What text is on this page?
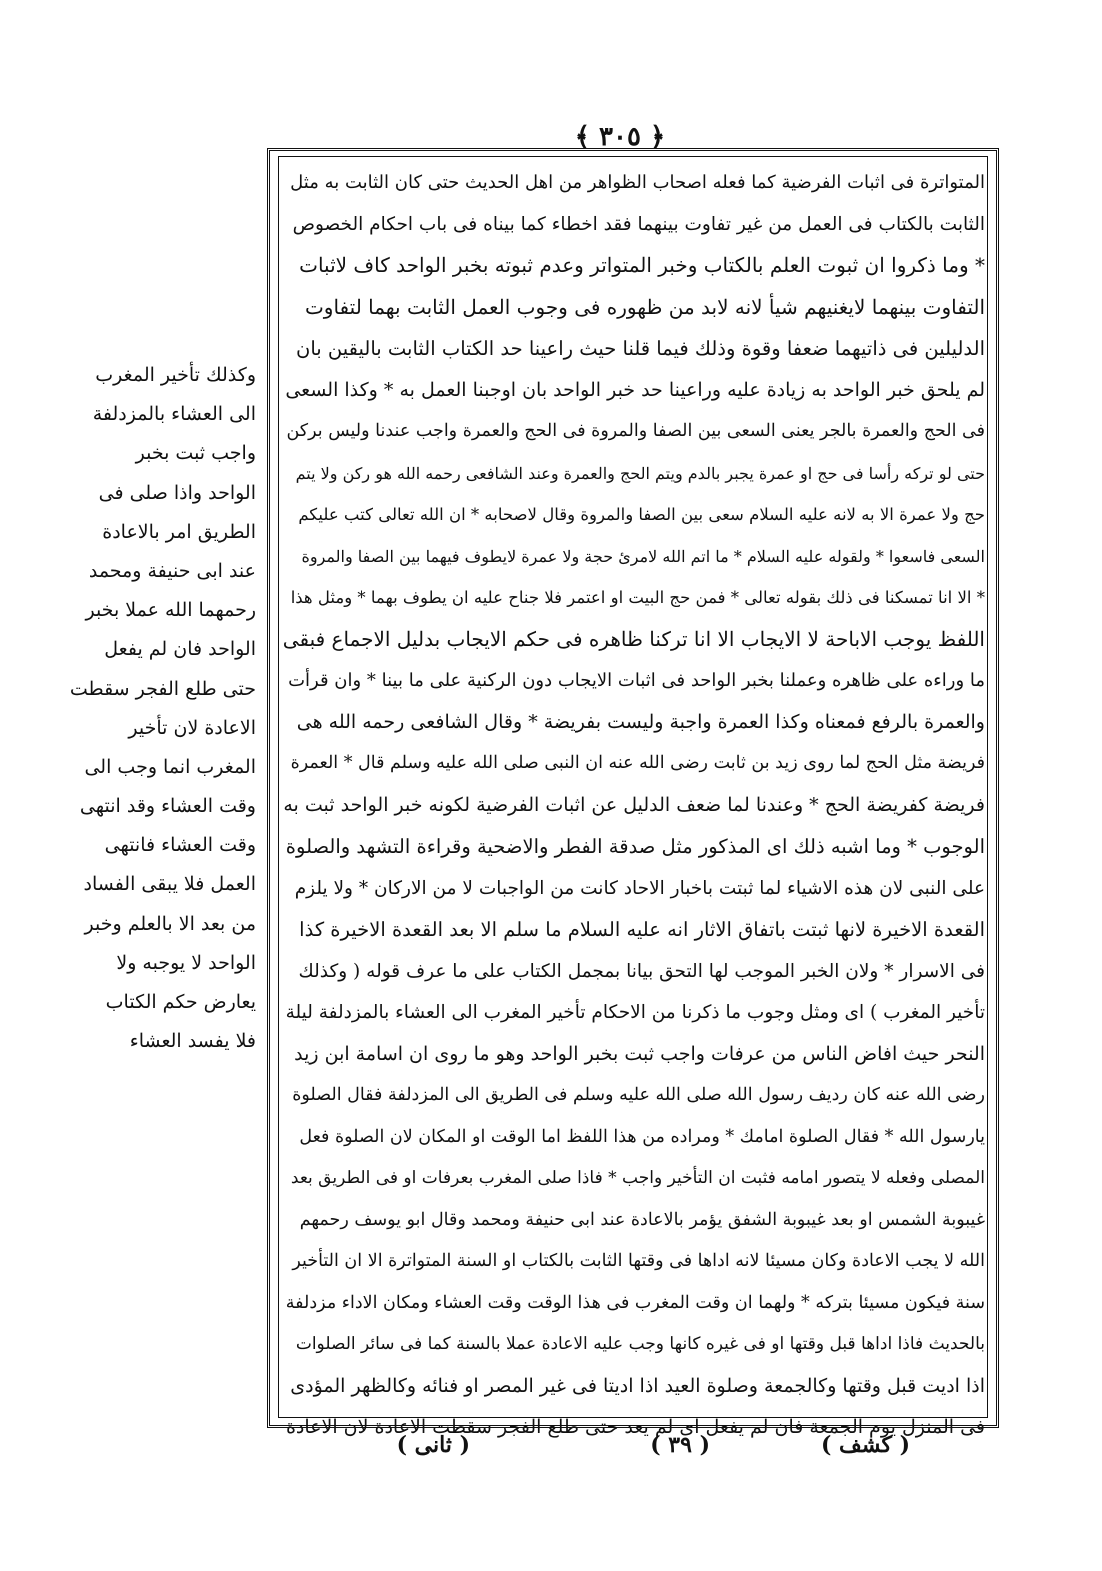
﴿ ٣٠٥ ﴾
وكذلك تأخير المغرب
الى العشاء بالمزدلفة
واجب ثبت بخبر
الواحد واذا صلى فى
الطريق امر بالاعادة
عند ابى حنيفة ومحمد
رحمهما الله عملا بخبر
الواحد فان لم يفعل
حتى طلع الفجر سقطت
الاعادة لان تأخير
المغرب انما وجب الى
وقت العشاء وقد انتهى
وقت العشاء فانتهى
العمل فلا يبقى الفساد
من بعد الا بالعلم وخبر
الواحد لا يوجبه ولا
يعارض حكم الكتاب
فلا يفسد العشاء
المتواترة فى اثبات الفرضية كما فعله اصحاب الظواهر من اهل الحديث حتى كان الثابت به مثل
الثابت بالكتاب فى العمل من غير تفاوت بينهما فقد اخطاء كما بيناه فى باب احكام الخصوص
* وما ذكروا ان ثبوت العلم بالكتاب وخبر المتواتر وعدم ثبوته بخبر الواحد كاف لاثبات
التفاوت بينهما لايغنيهم شيأ لانه لابد من ظهوره فى وجوب العمل الثابت بهما لتفاوت
الدليلين فى ذاتيهما ضعفا وقوة وذلك فيما قلنا حيث راعينا حد الكتاب الثابت باليقين بان
لم يلحق خبر الواحد به زيادة عليه وراعينا حد خبر الواحد بان اوجبنا العمل به * وكذا السعى
فى الحج والعمرة بالجر يعنى السعى بين الصفا والمروة فى الحج والعمرة واجب عندنا وليس بركن
حتى لو تركه رأسا فى حج او عمرة يجبر بالدم ويتم الحج والعمرة وعند الشافعى رحمه الله هو ركن ولا يتم
حج ولا عمرة الا به لانه عليه السلام سعى بين الصفا والمروة وقال لاصحابه * ان الله تعالى كتب عليكم
السعى فاسعوا * ولقوله عليه السلام * ما اتم الله لامرئ حجة ولا عمرة لايطوف فيهما بين الصفا والمروة
* الا انا تمسكنا فى ذلك بقوله تعالى * فمن حج البيت او اعتمر فلا جناح عليه ان يطوف بهما * ومثل هذا
اللفظ يوجب الاباحة لا الايجاب الا انا تركنا ظاهره فى حكم الايجاب بدليل الاجماع فبقى
ما وراءه على ظاهره وعملنا بخبر الواحد فى اثبات الايجاب دون الركنية على ما بينا * وان قرأت
والعمرة بالرفع فمعناه وكذا العمرة واجبة وليست بفريضة * وقال الشافعى رحمه الله هى
فريضة مثل الحج لما روى زيد بن ثابت رضى الله عنه ان النبى صلى الله عليه وسلم قال * العمرة
فريضة كفريضة الحج * وعندنا لما ضعف الدليل عن اثبات الفرضية لكونه خبر الواحد ثبت به
الوجوب * وما اشبه ذلك اى المذكور مثل صدقة الفطر والاضحية وقراءة التشهد والصلوة
على النبى لان هذه الاشياء لما ثبتت باخبار الاحاد كانت من الواجبات لا من الاركان * ولا يلزم
القعدة الاخيرة لانها ثبتت باتفاق الاثار انه عليه السلام ما سلم الا بعد القعدة الاخيرة كذا
فى الاسرار * ولان الخبر الموجب لها التحق بيانا بمجمل الكتاب على ما عرف قوله ( وكذلك
تأخير المغرب ) اى ومثل وجوب ما ذكرنا من الاحكام تأخير المغرب الى العشاء بالمزدلفة ليلة
النحر حيث افاض الناس من عرفات واجب ثبت بخبر الواحد وهو ما روى ان اسامة ابن زيد
رضى الله عنه كان رديف رسول الله صلى الله عليه وسلم فى الطريق الى المزدلفة فقال الصلوة
يارسول الله * فقال الصلوة امامك * ومراده من هذا اللفظ اما الوقت او المكان لان الصلوة فعل
المصلى وفعله لا يتصور امامه فثبت ان التأخير واجب * فاذا صلى المغرب بعرفات او فى الطريق بعد
غيبوبة الشمس او بعد غيبوبة الشفق يؤمر بالاعادة عند ابى حنيفة ومحمد وقال ابو يوسف رحمهم
الله لا يجب الاعادة وكان مسيئا لانه اداها فى وقتها الثابت بالكتاب او السنة المتواترة الا ان التأخير
سنة فيكون مسيئا بتركه * ولهما ان وقت المغرب فى هذا الوقت وقت العشاء ومكان الاداء مزدلفة
بالحديث فاذا اداها قبل وقتها او فى غيره كانها وجب عليه الاعادة عملا بالسنة كما فى سائر الصلوات
اذا اديت قبل وقتها وكالجمعة وصلوة العيد اذا اديتا فى غير المصر او فنائه وكالظهر المؤدى
فى المنزل يوم الجمعة فان لم يفعل اى لم يعد حتى طلع الفجر سقطت الاعادة لان الاعادة
( كشف )
( ٣٩ )
( ثانى )
